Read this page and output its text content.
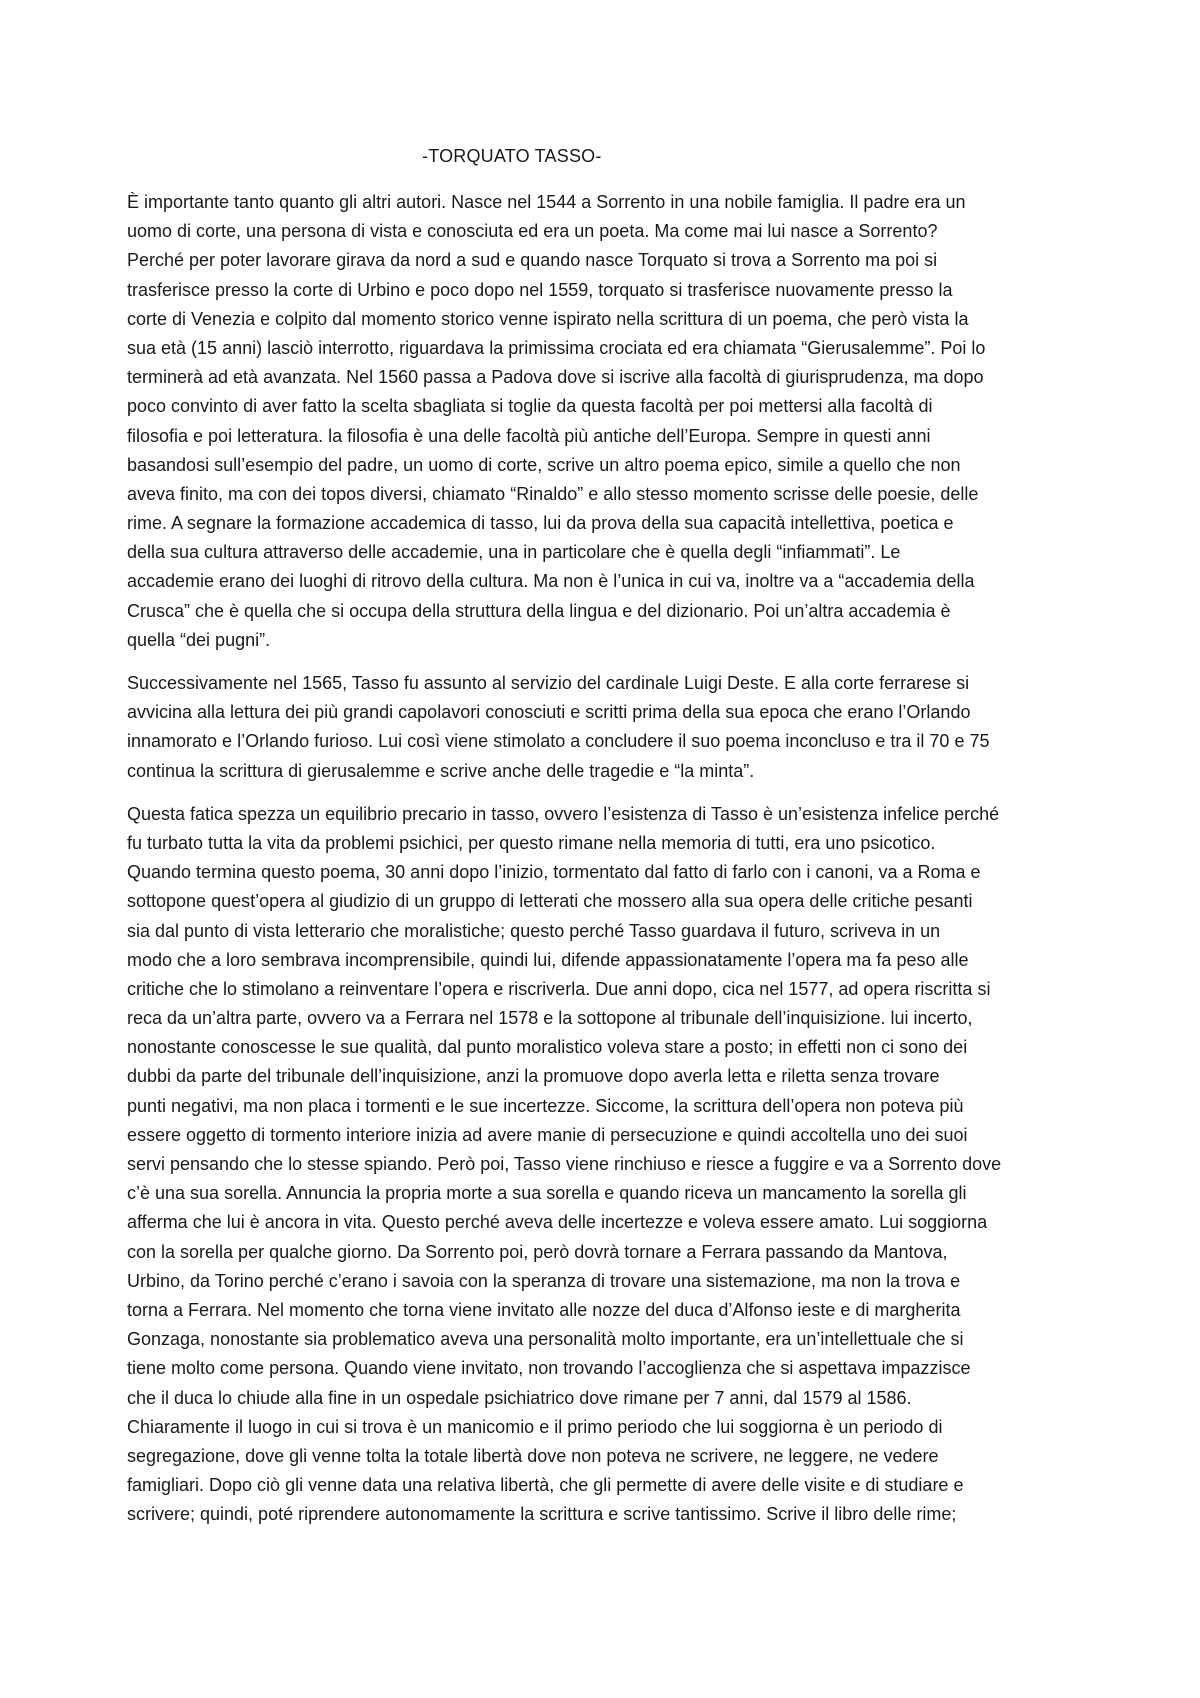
-TORQUATO TASSO-
È importante tanto quanto gli altri autori. Nasce nel 1544 a Sorrento in una nobile famiglia. Il padre era un
uomo di corte, una persona di vista e conosciuta ed era un poeta. Ma come mai lui nasce a Sorrento?
Perché per poter lavorare girava da nord a sud e quando nasce Torquato si trova a Sorrento ma poi si
trasferisce presso la corte di Urbino e poco dopo nel 1559, torquato si trasferisce nuovamente presso la
corte di Venezia e colpito dal momento storico venne ispirato nella scrittura di un poema, che però vista la
sua età (15 anni) lasciò interrotto, riguardava la primissima crociata ed era chiamata “Gierusalemme”. Poi lo
terminerà ad età avanzata. Nel 1560 passa a Padova dove si iscrive alla facoltà di giurisprudenza, ma dopo
poco convinto di aver fatto la scelta sbagliata si toglie da questa facoltà per poi mettersi alla facoltà di
filosofia e poi letteratura. la filosofia è una delle facoltà più antiche dell’Europa. Sempre in questi anni
basandosi sull’esempio del padre, un uomo di corte, scrive un altro poema epico, simile a quello che non
aveva finito, ma con dei topos diversi, chiamato “Rinaldo” e allo stesso momento scrisse delle poesie, delle
rime. A segnare la formazione accademica di tasso, lui da prova della sua capacità intellettiva, poetica e
della sua cultura attraverso delle accademie, una in particolare che è quella degli “infiammati”. Le
accademie erano dei luoghi di ritrovo della cultura. Ma non è l’unica in cui va, inoltre va a “accademia della
Crusca” che è quella che si occupa della struttura della lingua e del dizionario. Poi un’altra accademia è
quella “dei pugni”.
Successivamente nel 1565, Tasso fu assunto al servizio del cardinale Luigi Deste. E alla corte ferrarese si
avvicina alla lettura dei più grandi capolavori conosciuti e scritti prima della sua epoca che erano l’Orlando
innamorato e l’Orlando furioso. Lui così viene stimolato a concludere il suo poema inconcluso e tra il 70 e 75
continua la scrittura di gierusalemme e scrive anche delle tragedie e “la minta”.
Questa fatica spezza un equilibrio precario in tasso, ovvero l’esistenza di Tasso è un’esistenza infelice perché
fu turbato tutta la vita da problemi psichici, per questo rimane nella memoria di tutti, era uno psicotico.
Quando termina questo poema, 30 anni dopo l’inizio, tormentato dal fatto di farlo con i canoni, va a Roma e
sottopone quest’opera al giudizio di un gruppo di letterati che mossero alla sua opera delle critiche pesanti
sia dal punto di vista letterario che moralistiche; questo perché Tasso guardava il futuro, scriveva in un
modo che a loro sembrava incomprensibile, quindi lui, difende appassionatamente l’opera ma fa peso alle
critiche che lo stimolano a reinventare l’opera e riscriverla. Due anni dopo, cica nel 1577, ad opera riscritta si
reca da un’altra parte, ovvero va a Ferrara nel 1578 e la sottopone al tribunale dell’inquisizione. lui incerto,
nonostante conoscesse le sue qualità, dal punto moralistico voleva stare a posto; in effetti non ci sono dei
dubbi da parte del tribunale dell’inquisizione, anzi la promuove dopo averla letta e riletta senza trovare
punti negativi, ma non placa i tormenti e le sue incertezze. Siccome, la scrittura dell’opera non poteva più
essere oggetto di tormento interiore inizia ad avere manie di persecuzione e quindi accoltella uno dei suoi
servi pensando che lo stesse spiando. Però poi, Tasso viene rinchiuso e riesce a fuggire e va a Sorrento dove
c’è una sua sorella. Annuncia la propria morte a sua sorella e quando riceva un mancamento la sorella gli
afferma che lui è ancora in vita. Questo perché aveva delle incertezze e voleva essere amato. Lui soggiorna
con la sorella per qualche giorno. Da Sorrento poi, però dovrà tornare a Ferrara passando da Mantova,
Urbino, da Torino perché c’erano i savoia con la speranza di trovare una sistemazione, ma non la trova e
torna a Ferrara. Nel momento che torna viene invitato alle nozze del duca d’Alfonso ieste e di margherita
Gonzaga, nonostante sia problematico aveva una personalità molto importante, era un’intellettuale che si
tiene molto come persona. Quando viene invitato, non trovando l’accoglienza che si aspettava impazzisce
che il duca lo chiude alla fine in un ospedale psichiatrico dove rimane per 7 anni, dal 1579 al 1586.
Chiaramente il luogo in cui si trova è un manicomio e il primo periodo che lui soggiorna è un periodo di
segregazione, dove gli venne tolta la totale libertà dove non poteva ne scrivere, ne leggere, ne vedere
famigliari. Dopo ciò gli venne data una relativa libertà, che gli permette di avere delle visite e di studiare e
scrivere; quindi, poté riprendere autonomamente la scrittura e scrive tantissimo. Scrive il libro delle rime;
